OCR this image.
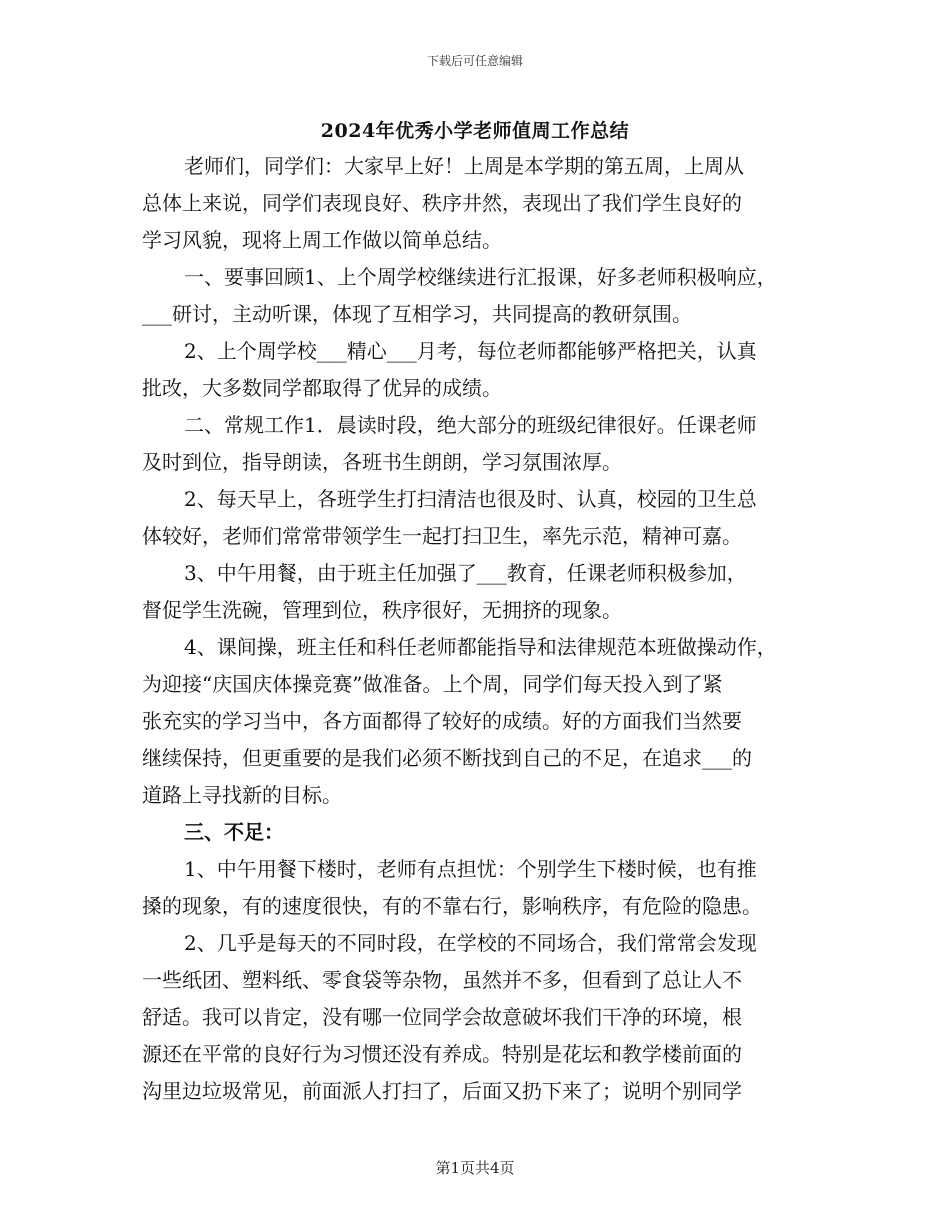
下载后可任意编辑
2024年优秀小学老师值周工作总结
老师们，同学们：大家早上好！上周是本学期的第五周，上周从
总体上来说，同学们表现良好、秩序井然，表现出了我们学生良好的
学习风貌，现将上周工作做以简单总结。
一、要事回顾1、上个周学校继续进行汇报课，好多老师积极响应，
___研讨，主动听课，体现了互相学习，共同提高的教研氛围。
2、上个周学校___精心___月考，每位老师都能够严格把关，认真
批改，大多数同学都取得了优异的成绩。
二、常规工作1．晨读时段，绝大部分的班级纪律很好。任课老师
及时到位，指导朗读，各班书生朗朗，学习氛围浓厚。
2、每天早上，各班学生打扫清洁也很及时、认真，校园的卫生总
体较好，老师们常常带领学生一起打扫卫生，率先示范，精神可嘉。
3、中午用餐，由于班主任加强了___教育，任课老师积极参加，
督促学生洗碗，管理到位，秩序很好，无拥挤的现象。
4、课间操，班主任和科任老师都能指导和法律规范本班做操动作，
为迎接“庆国庆体操竞赛”做准备。上个周，同学们每天投入到了紧
张充实的学习当中，各方面都得了较好的成绩。好的方面我们当然要
继续保持，但更重要的是我们必须不断找到自己的不足，在追求___的
道路上寻找新的目标。
三、不足：
1、中午用餐下楼时，老师有点担忧：个别学生下楼时候，也有推
搡的现象，有的速度很快，有的不靠右行，影响秩序，有危险的隐患。
2、几乎是每天的不同时段，在学校的不同场合，我们常常会发现
一些纸团、塑料纸、零食袋等杂物，虽然并不多，但看到了总让人不
舒适。我可以肯定，没有哪一位同学会故意破坏我们干净的环境，根
源还在平常的良好行为习惯还没有养成。特别是花坛和教学楼前面的
沟里边垃圾常见，前面派人打扫了，后面又扔下来了；说明个别同学
第1页共4页
